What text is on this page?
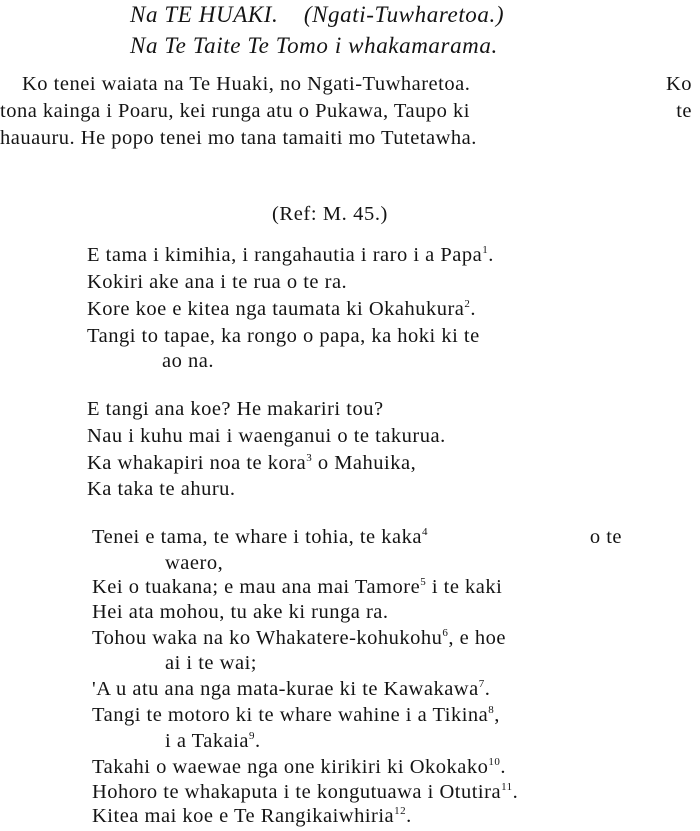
Na TE HUAKI. (Ngati-Tuwharetoa.)
Na Te Taite Te Tomo i whakamarama.
Ko tenei waiata na Te Huaki, no Ngati-Tuwharetoa.	Ko
tona kainga i Poaru, kei runga atu o Pukawa, Taupo ki	te
hauauru. He popo tenei mo tana tamaiti mo Tutetawha.
(Ref: M. 45.)
E tama i kimihia, i rangahautia i raro i a Papa$^1$.
Kokiri ake ana i te rua o te ra.
Kore koe e kitea nga taumata ki Okahukura$^2$.
Tangi to tapae, ka rongo o papa, ka hoki ki te
ao na.
E tangi ana koe? He makariri tou?
Nau i kuhu mai i waenganui o te takurua.
Ka whakapiri noa te kora$^3$ o Mahuika,
Ka taka te ahuru.
Tenei e tama, te whare i tohia, te kaka$^4$	o te
waero,
Kei o tuakana; e mau ana mai Tamore$^5$ i te kaki
Hei ata mohou, tu ake ki runga ra.
Tohou waka na ko Whakatere-kohukohu$^6$, e hoe
ai i te wai;
'A u atu ana nga mata-kurae ki te Kawakawa$^7$.
Tangi te motoro ki te whare wahine i a Tikina$^8$,
i a Takaia$^9$.
Takahi o waewae nga one kirikiri ki Okokako$^{10}$.
Hohoro te whakaputa i te kongutuawa i Otutira$^{11}$.
Kitea mai koe e Te Rangikaiwhiria$^{12}$.
